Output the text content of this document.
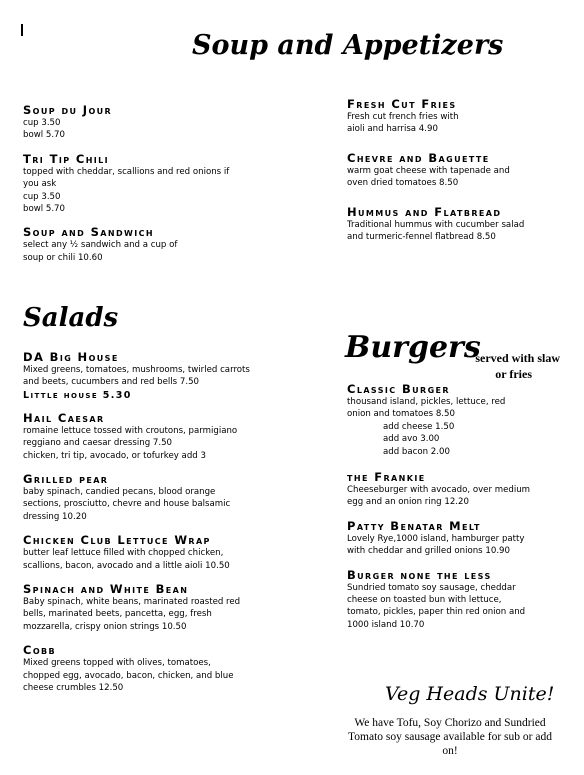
Soup and Appetizers

Soup du Jour

cup 3.50

bowl 5.70

Tri Tip Chili

topped with cheddar, scallions and red onions if

you ask

cup 3.50

bowl 5.70

Soup and Sandwich

select any ½ sandwich and a cup of

soup or chili 10.60

Fresh Cut Fries

Fresh cut french fries with

aioli and harrisa 4.90

Chevre and Baguette

warm goat cheese with tapenade and

oven dried tomatoes 8.50

Hummus and Flatbread

Traditional hummus with cucumber salad

and turmeric-fennel flatbread 8.50

Salads

DA Big House

Mixed greens, tomatoes, mushrooms, twirled carrots

and beets, cucumbers and red bells 7.50

Little house 5.30

Hail Caesar

romaine lettuce tossed with croutons, parmigiano

reggiano and caesar dressing 7.50

chicken, tri tip, avocado, or tofurkey add 3

Grilled pear

baby spinach, candied pecans, blood orange

sections, prosciutto, chevre and house balsamic

dressing 10.20

Chicken Club Lettuce Wrap

butter leaf lettuce filled with chopped chicken,

scallions, bacon, avocado and a little aioli 10.50

Spinach and White Bean

Baby spinach, white beans, marinated roasted red

bells, marinated beets, pancetta, egg, fresh

mozzarella, crispy onion strings 10.50

Cobb

Mixed greens topped with olives, tomatoes,

chopped egg, avocado, bacon, chicken, and blue

cheese crumbles 12.50

Burgers
served with slaw
or fries

Classic Burger

thousand island, pickles, lettuce, red

onion and tomatoes 8.50

add cheese 1.50

add avo 3.00

add bacon 2.00

the Frankie

Cheeseburger with avocado, over medium

egg and an onion ring 12.20

Patty Benatar Melt

Lovely Rye,1000 island, hamburger patty

with cheddar and grilled onions 10.90

Burger none the less

Sundried tomato soy sausage, cheddar

cheese on toasted bun with lettuce,

tomato, pickles, paper thin red onion and

1000 island 10.70

Veg Heads Unite!
We have Tofu, Soy Chorizo and Sundried Tomato soy sausage available for sub or add on!
